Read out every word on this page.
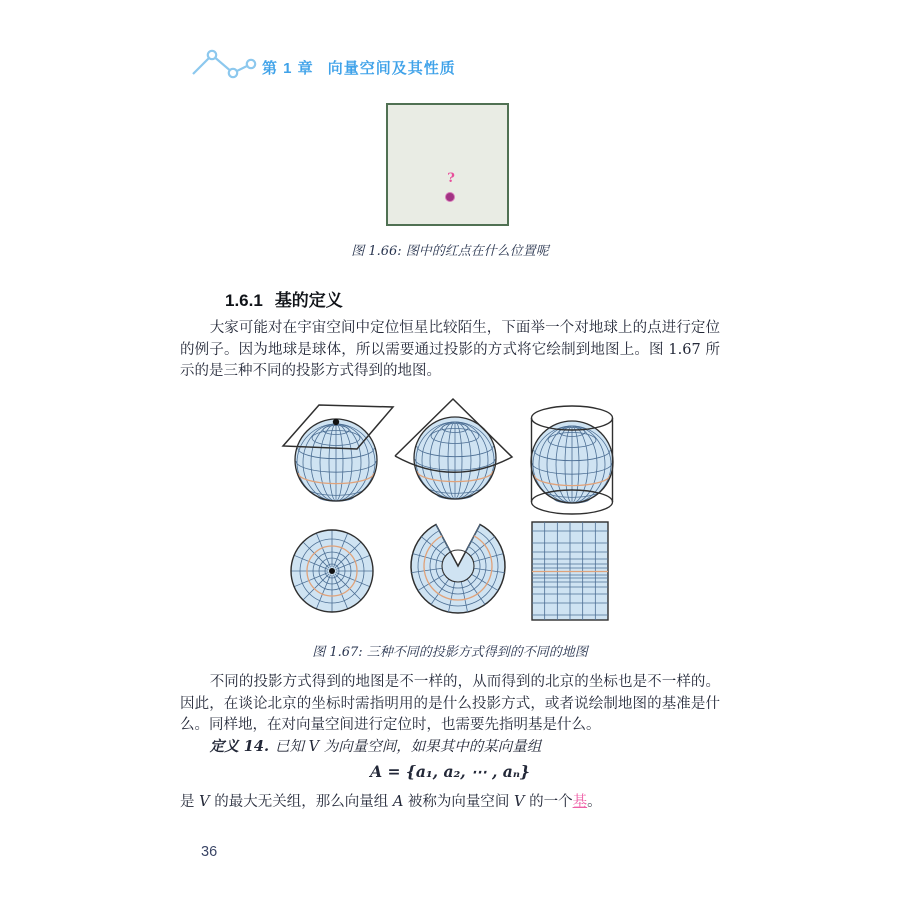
第 1 章 向量空间及其性质
?
图 1.66: 图中的红点在什么位置呢
1.6.1 基的定义

大家可能对在宇宙空间中定位恒星比较陌生，下面举一个对地球上的点进行定位的例子。因为地球是球体，所以需要通过投影的方式将它绘制到地图上。图 1.67 所示的是三种不同的投影方式得到的地图。

图 1.67: 三种不同的投影方式得到的不同的地图

不同的投影方式得到的地图是不一样的，从而得到的北京的坐标也是不一样的。因此，在谈论北京的坐标时需指明用的是什么投影方式，或者说绘制地图的基准是什么。同样地，在对向量空间进行定位时，也需要先指明基是什么。

定义 14. 已知 V 为向量空间，如果其中的某向量组

A = {a₁, a₂, ⋯ , aₙ}

是 V 的最大无关组，那么向量组 A 被称为向量空间 V 的一个基。

36
